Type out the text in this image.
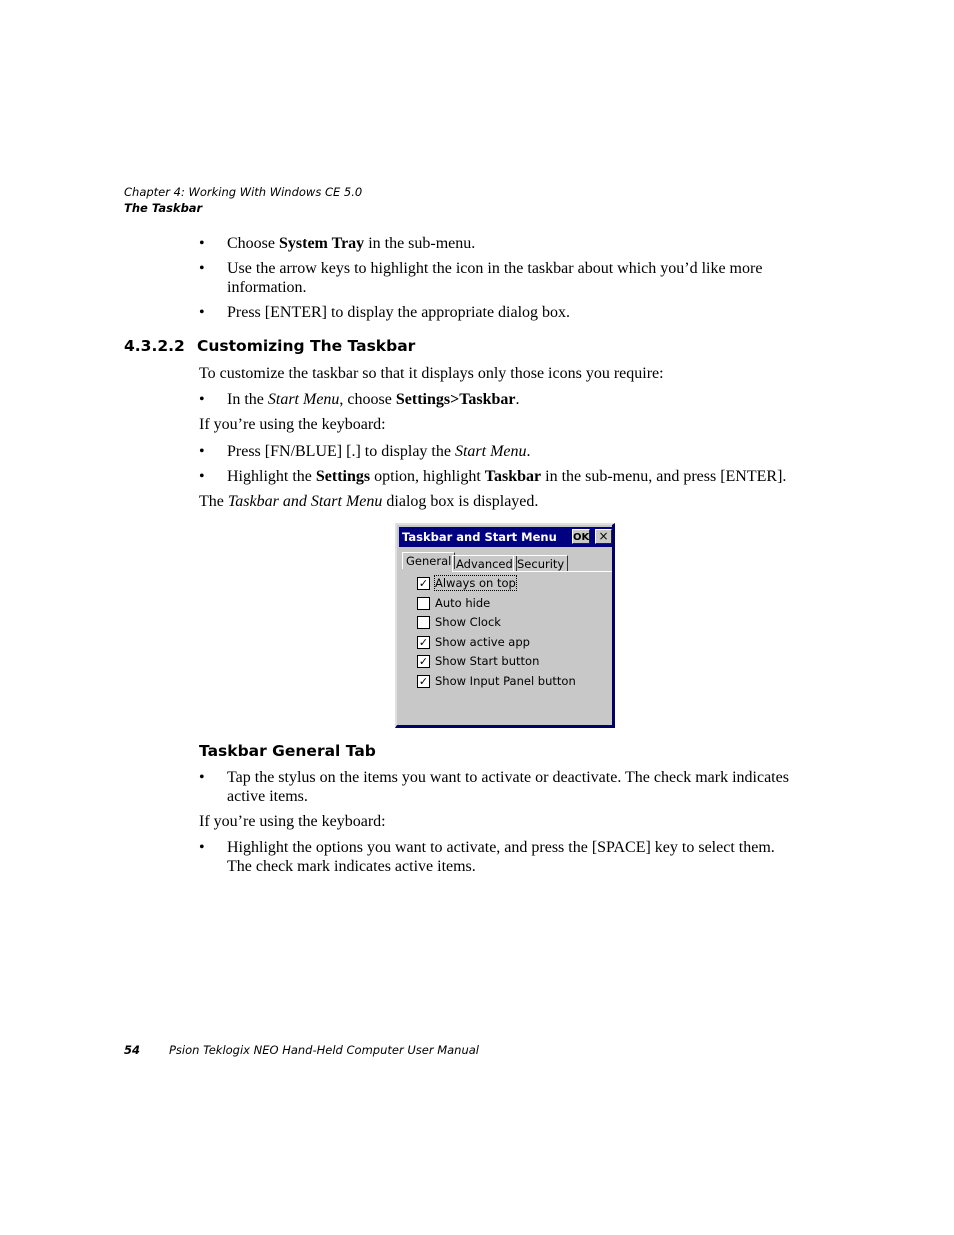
Chapter 4: Working With Windows CE 5.0
The Taskbar
• Choose System Tray in the sub-menu.
• Use the arrow keys to highlight the icon in the taskbar about which you’d like more
information.
• Press [ENTER] to display the appropriate dialog box.
4.3.2.2 Customizing The Taskbar
To customize the taskbar so that it displays only those icons you require:
• In the Start Menu, choose Settings>Taskbar.
If you’re using the keyboard:
• Press [FN/BLUE] [.] to display the Start Menu.
• Highlight the Settings option, highlight Taskbar in the sub-menu, and press [ENTER].
The Taskbar and Start Menu dialog box is displayed.
Taskbar and Start Menu OK ×
General Advanced Security
✓ Always on top
Auto hide
Show Clock
✓ Show active app
✓ Show Start button
✓ Show Input Panel button
Taskbar General Tab
• Tap the stylus on the items you want to activate or deactivate. The check mark indicates
active items.
If you’re using the keyboard:
• Highlight the options you want to activate, and press the [SPACE] key to select them.
The check mark indicates active items.
54	Psion Teklogix NEO Hand-Held Computer User Manual
